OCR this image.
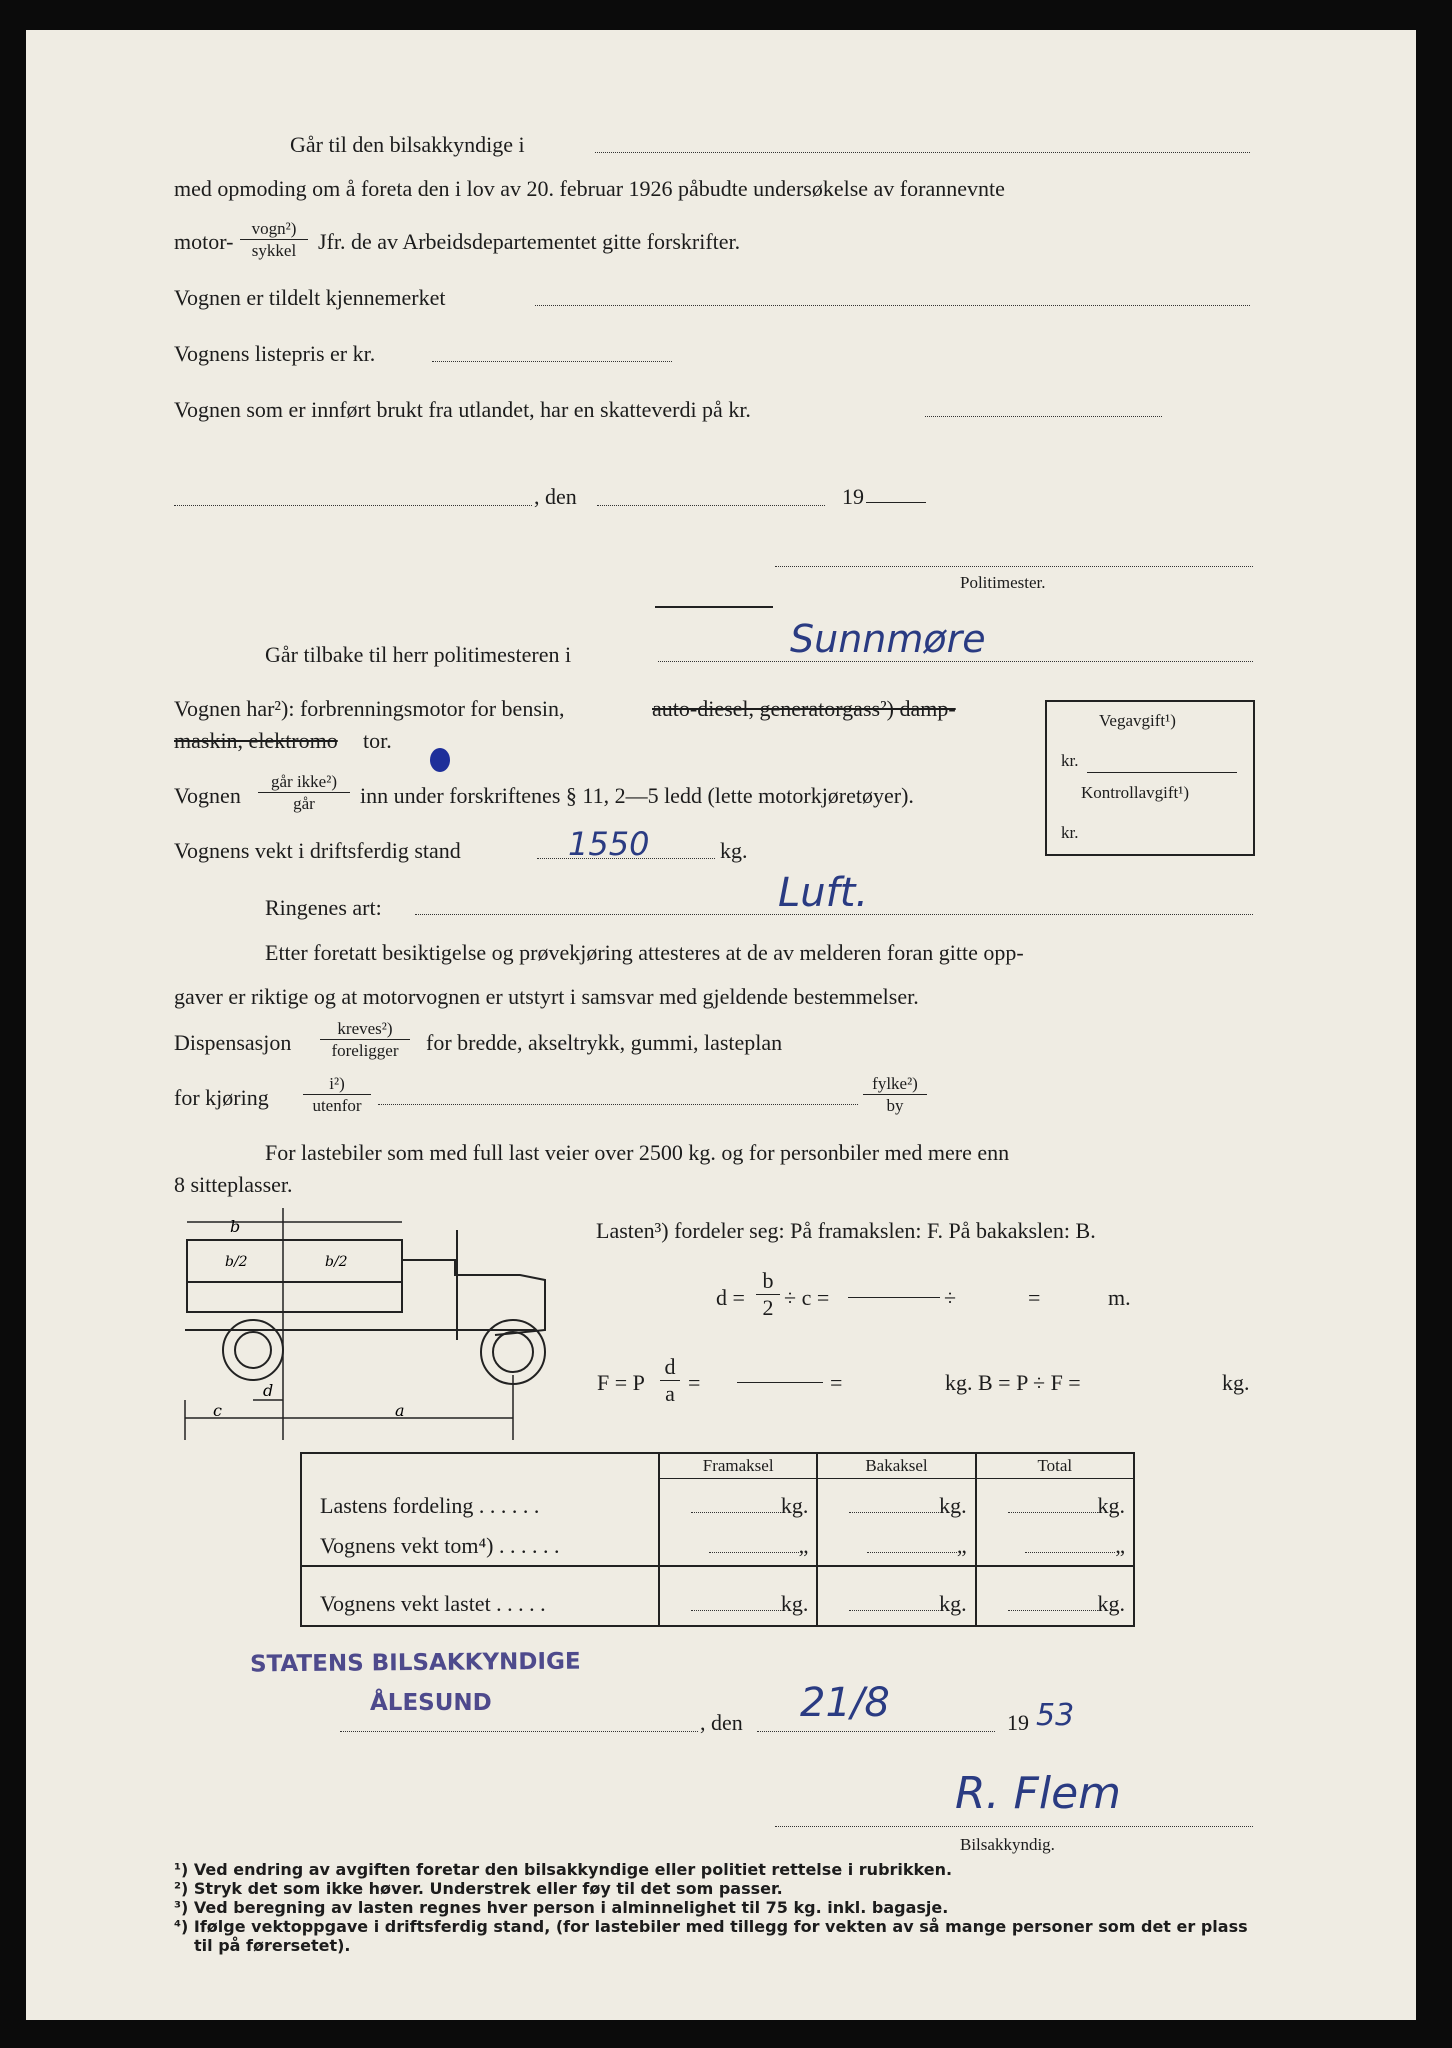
Går til den bilsakkyndige i
med opmoding om å foreta den i lov av 20. februar 1926 påbudte undersøkelse av forannevnte
motor-
vogn²)
sykkel Jfr. de av Arbeidsdepartementet gitte forskrifter.
Vognen er tildelt kjennemerket
Vognens listepris er kr.
Vognen som er innført brukt fra utlandet, har en skatteverdi på kr.
, den	19
Politimester.
Går tilbake til herr politimesteren i	Sunnmøre
Vognen har²): forbrenningsmotor for bensin,	auto-diesel, generatorgass²) damp-
maskin, elektromo tor.
Vognen
går ikke²)
går	inn under forskriftenes § 11, 2—5 ledd (lette motorkjøretøyer).
Vognens vekt i driftsferdig stand	1550	kg.
Ringenes art:	Luft.
Vegavgift¹)
kr.
Kontrollavgift¹)
kr.
Etter foretatt besiktigelse og prøvekjøring attesteres at de av melderen foran gitte opp-
gaver er riktige og at motorvognen er utstyrt i samsvar med gjeldende bestemmelser.
Dispensasjon
kreves²)
foreligger	for bredde, akseltrykk, gummi, lasteplan
for kjøring
i²)
utenfor
fylke²)
by
For lastebiler som med full last veier over 2500 kg. og for personbiler med mere enn
8 sitteplasser.
b
b/2	b/2
c
d
a
Lasten³) fordeler seg: På framakslen: F. På bakakslen: B.
$d = \frac{b}{2} \div c$ =	÷	=	m.
F = P $\frac{d}{a}$ =	=	kg. B = P ÷ F =	kg.
	Framaksel	Bakaksel	Total
Lastens fordeling . . . . . .	kg.	kg.	kg.
Vognens vekt tom⁴) . . . . . .	„	„	„
Vognens vekt lastet . . . . .	kg.	kg.	kg.
STATENS BILSAKKYNDIGE
ÅLESUND
, den 21/8	19 53
R. Flem
Bilsakkyndig.
¹) Ved endring av avgiften foretar den bilsakkyndige eller politiet rettelse i rubrikken.
²) Stryk det som ikke høver. Understrek eller føy til det som passer.
³) Ved beregning av lasten regnes hver person i alminnelighet til 75 kg. inkl. bagasje.
⁴) Ifølge vektoppgave i driftsferdig stand, (for lastebiler med tillegg for vekten av så mange personer som det er plass
til på førersetet).
